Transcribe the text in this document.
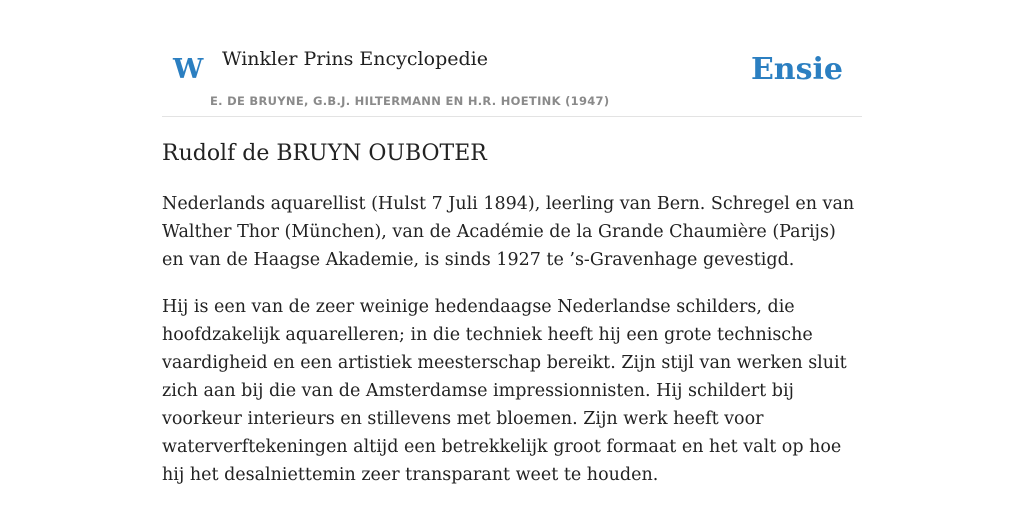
W Winkler Prins Encyclopedie
E. DE BRUYNE, G.B.J. HILTERMANN EN H.R. HOETINK (1947)
Ensie
Rudolf de BRUYN OUBOTER

Nederlands aquarellist (Hulst 7 Juli 1894), leerling van Bern. Schregel en van Walther Thor (München), van de Académie de la Grande Chaumière (Parijs) en van de Haagse Akademie, is sinds 1927 te ’s-Gravenhage gevestigd.

Hij is een van de zeer weinige hedendaagse Nederlandse schilders, die hoofdzakelijk aquarelleren; in die techniek heeft hij een grote technische vaardigheid en een artistiek meesterschap bereikt. Zijn stijl van werken sluit zich aan bij die van de Amsterdamse impressionnisten. Hij schildert bij voorkeur interieurs en stillevens met bloemen. Zijn werk heeft voor waterverftekeningen altijd een betrekkelijk groot formaat en het valt op hoe hij het desalniettemin zeer transparant weet te houden.
